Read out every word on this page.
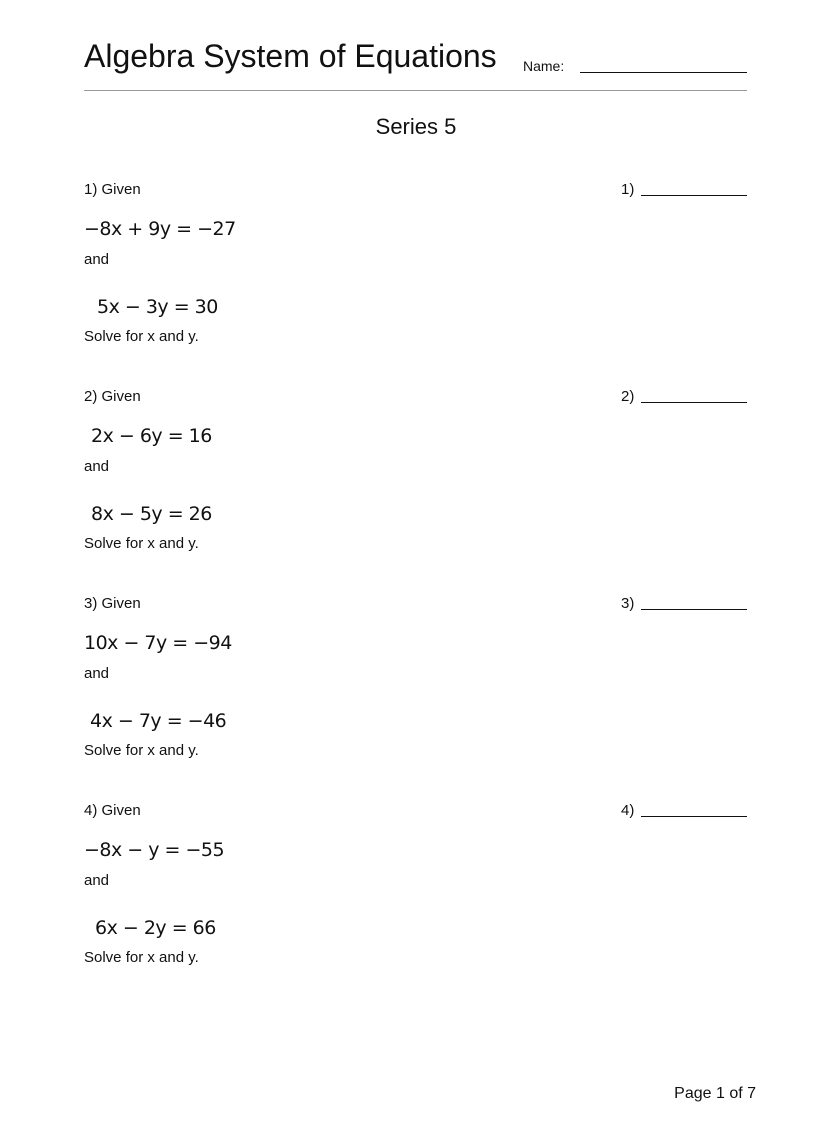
Algebra System of Equations Name:
Series 5
1) Given
−8x + 9y = −27
and
5x − 3y = 30
Solve for x and y.
1)
2) Given
2x − 6y = 16
and
8x − 5y = 26
Solve for x and y.
2)
3) Given
10x − 7y = −94
and
4x − 7y = −46
Solve for x and y.
3)
4) Given
−8x − y = −55
and
6x − 2y = 66
Solve for x and y.
4)
Page 1 of 7
